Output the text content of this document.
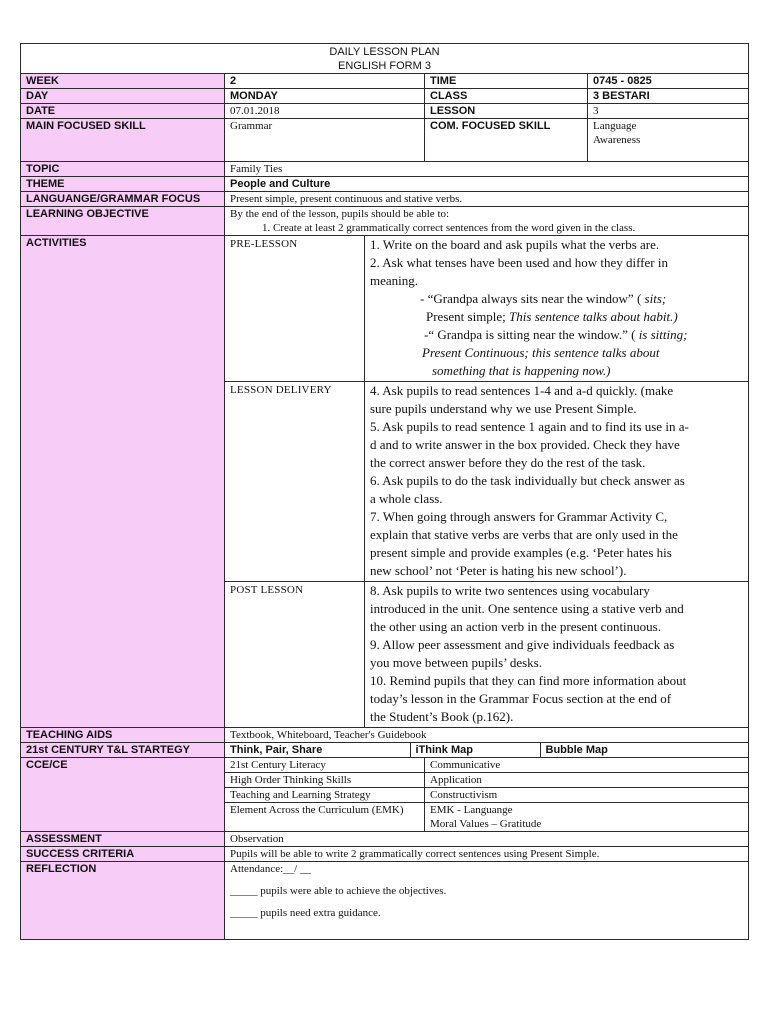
DAILY LESSON PLAN
ENGLISH FORM 3

WEEK	2	TIME	0745 - 0825
DAY	MONDAY	CLASS	3 BESTARI
DATE	07.01.2018	LESSON	3
MAIN FOCUSED SKILL	Grammar	COM. FOCUSED SKILL	Language
Awareness

TOPIC	Family Ties
THEME	People and Culture
LANGUANGE/GRAMMAR FOCUS	Present simple, present continuous and stative verbs.
LEARNING OBJECTIVE	By the end of the lesson, pupils should be able to:
1. Create at least 2 grammatically correct sentences from the word given in the class.

ACTIVITIES	PRE-LESSON	1. Write on the board and ask pupils what the verbs are.

2. Ask what tenses have been used and how they differ in

meaning.

- “Grandpa always sits near the window” ( sits;

Present simple; This sentence talks about habit.)

-“ Grandpa is sitting near the window.” ( is sitting;

Present Continuous; this sentence talks about

something that is happening now.)

LESSON DELIVERY	4. Ask pupils to read sentences 1-4 and a-d quickly. (make

sure pupils understand why we use Present Simple.

5. Ask pupils to read sentence 1 again and to find its use in a-

d and to write answer in the box provided. Check they have

the correct answer before they do the rest of the task.

6. Ask pupils to do the task individually but check answer as

a whole class.

7. When going through answers for Grammar Activity C,

explain that stative verbs are verbs that are only used in the

present simple and provide examples (e.g. ‘Peter hates his

new school’ not ‘Peter is hating his new school’).

POST LESSON	8. Ask pupils to write two sentences using vocabulary

introduced in the unit. One sentence using a stative verb and

the other using an action verb in the present continuous.

9. Allow peer assessment and give individuals feedback as

you move between pupils’ desks.

10. Remind pupils that they can find more information about

today’s lesson in the Grammar Focus section at the end of

the Student’s Book (p.162).

TEACHING AIDS	Textbook, Whiteboard, Teacher's Guidebook
21st CENTURY T&L STARTEGY		Think, Pair, Share	iThink Map	Bubble Map

CCE/CE	21st Century Literacy	Communicative
High Order Thinking Skills	Application
Teaching and Learning Strategy	Constructivism
Element Across the Curriculum (EMK)	EMK - Languange
Moral Values – Gratitude

ASSESSMENT	Observation
SUCCESS CRITERIA	Pupils will be able to write 2 grammatically correct sentences using Present Simple.
REFLECTION	Attendance:__/ __

_____ pupils were able to achieve the objectives.

_____ pupils need extra guidance.
